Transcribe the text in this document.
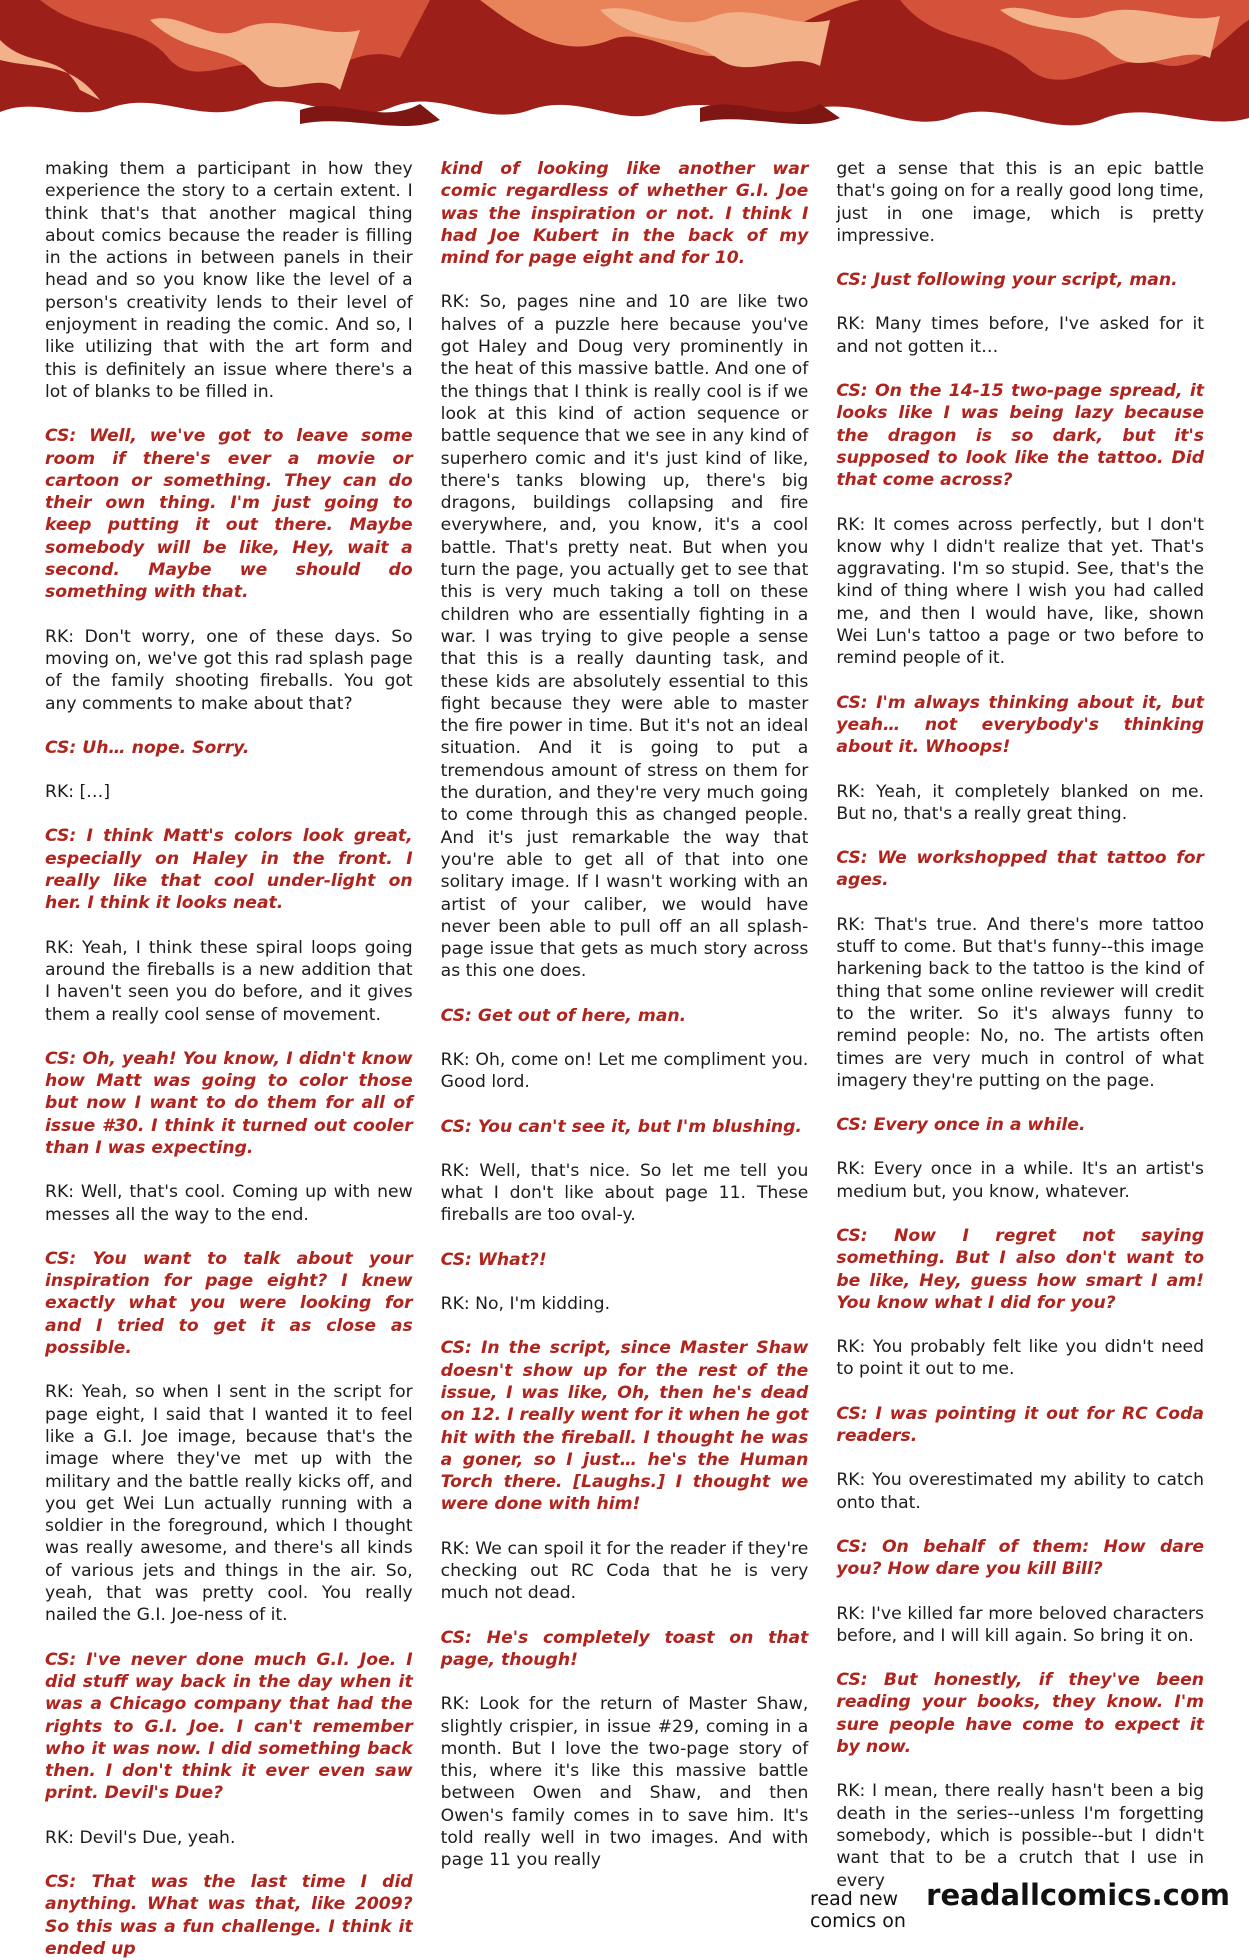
making them a participant in how they experience the story to a certain extent. I think that's that another magical thing about comics because the reader is filling in the actions in between panels in their head and so you know like the level of a person's creativity lends to their level of enjoyment in reading the comic. And so, I like utilizing that with the art form and this is definitely an issue where there's a lot of blanks to be filled in.

CS: Well, we've got to leave some room if there's ever a movie or cartoon or something. They can do their own thing. I'm just going to keep putting it out there. Maybe somebody will be like, Hey, wait a second. Maybe we should do something with that.

RK: Don't worry, one of these days. So moving on, we've got this rad splash page of the family shooting fireballs. You got any comments to make about that?

CS: Uh… nope. Sorry.

RK: […]

CS: I think Matt's colors look great, especially on Haley in the front. I really like that cool under-light on her. I think it looks neat.

RK: Yeah, I think these spiral loops going around the fireballs is a new addition that I haven't seen you do before, and it gives them a really cool sense of movement.

CS: Oh, yeah! You know, I didn't know how Matt was going to color those but now I want to do them for all of issue #30. I think it turned out cooler than I was expecting.

RK: Well, that's cool. Coming up with new messes all the way to the end.

CS: You want to talk about your inspiration for page eight? I knew exactly what you were looking for and I tried to get it as close as possible.

RK: Yeah, so when I sent in the script for page eight, I said that I wanted it to feel like a G.I. Joe image, because that's the image where they've met up with the military and the battle really kicks off, and you get Wei Lun actually running with a soldier in the foreground, which I thought was really awesome, and there's all kinds of various jets and things in the air. So, yeah, that was pretty cool. You really nailed the G.I. Joe-ness of it.

CS: I've never done much G.I. Joe. I did stuff way back in the day when it was a Chicago company that had the rights to G.I. Joe. I can't remember who it was now. I did something back then. I don't think it ever even saw print. Devil's Due?

RK: Devil's Due, yeah.

CS: That was the last time I did anything. What was that, like 2009? So this was a fun challenge. I think it ended up

kind of looking like another war comic regardless of whether G.I. Joe was the inspiration or not. I think I had Joe Kubert in the back of my mind for page eight and for 10.

RK: So, pages nine and 10 are like two halves of a puzzle here because you've got Haley and Doug very prominently in the heat of this massive battle. And one of the things that I think is really cool is if we look at this kind of action sequence or battle sequence that we see in any kind of superhero comic and it's just kind of like, there's tanks blowing up, there's big dragons, buildings collapsing and fire everywhere, and, you know, it's a cool battle. That's pretty neat. But when you turn the page, you actually get to see that this is very much taking a toll on these children who are essentially fighting in a war. I was trying to give people a sense that this is a really daunting task, and these kids are absolutely essential to this fight because they were able to master the fire power in time. But it's not an ideal situation. And it is going to put a tremendous amount of stress on them for the duration, and they're very much going to come through this as changed people. And it's just remarkable the way that you're able to get all of that into one solitary image. If I wasn't working with an artist of your caliber, we would have never been able to pull off an all splash-page issue that gets as much story across as this one does.

CS: Get out of here, man.

RK: Oh, come on! Let me compliment you. Good lord.

CS: You can't see it, but I'm blushing.

RK: Well, that's nice. So let me tell you what I don't like about page 11. These fireballs are too oval-y.

CS: What?!

RK: No, I'm kidding.

CS: In the script, since Master Shaw doesn't show up for the rest of the issue, I was like, Oh, then he's dead on 12. I really went for it when he got hit with the fireball. I thought he was a goner, so I just… he's the Human Torch there. [Laughs.] I thought we were done with him!

RK: We can spoil it for the reader if they're checking out RC Coda that he is very much not dead.

CS: He's completely toast on that page, though!

RK: Look for the return of Master Shaw, slightly crispier, in issue #29, coming in a month. But I love the two-page story of this, where it's like this massive battle between Owen and Shaw, and then Owen's family comes in to save him. It's told really well in two images. And with page 11 you really

get a sense that this is an epic battle that's going on for a really good long time, just in one image, which is pretty impressive.

CS: Just following your script, man.

RK: Many times before, I've asked for it and not gotten it…

CS: On the 14-15 two-page spread, it looks like I was being lazy because the dragon is so dark, but it's supposed to look like the tattoo. Did that come across?

RK: It comes across perfectly, but I don't know why I didn't realize that yet. That's aggravating. I'm so stupid. See, that's the kind of thing where I wish you had called me, and then I would have, like, shown Wei Lun's tattoo a page or two before to remind people of it.

CS: I'm always thinking about it, but yeah… not everybody's thinking about it. Whoops!

RK: Yeah, it completely blanked on me. But no, that's a really great thing.

CS: We workshopped that tattoo for ages.

RK: That's true. And there's more tattoo stuff to come. But that's funny--this image harkening back to the tattoo is the kind of thing that some online reviewer will credit to the writer. So it's always funny to remind people: No, no. The artists often times are very much in control of what imagery they're putting on the page.

CS: Every once in a while.

RK: Every once in a while. It's an artist's medium but, you know, whatever.

CS: Now I regret not saying something. But I also don't want to be like, Hey, guess how smart I am! You know what I did for you?

RK: You probably felt like you didn't need to point it out to me.

CS: I was pointing it out for RC Coda readers.

RK: You overestimated my ability to catch onto that.

CS: On behalf of them: How dare you? How dare you kill Bill?

RK: I've killed far more beloved characters before, and I will kill again. So bring it on.

CS: But honestly, if they've been reading your books, they know. I'm sure people have come to expect it by now.

RK: I mean, there really hasn't been a big death in the series--unless I'm forgetting somebody, which is possible--but I didn't want that to be a crutch that I use in every

read new comics on
readallcomics.com
